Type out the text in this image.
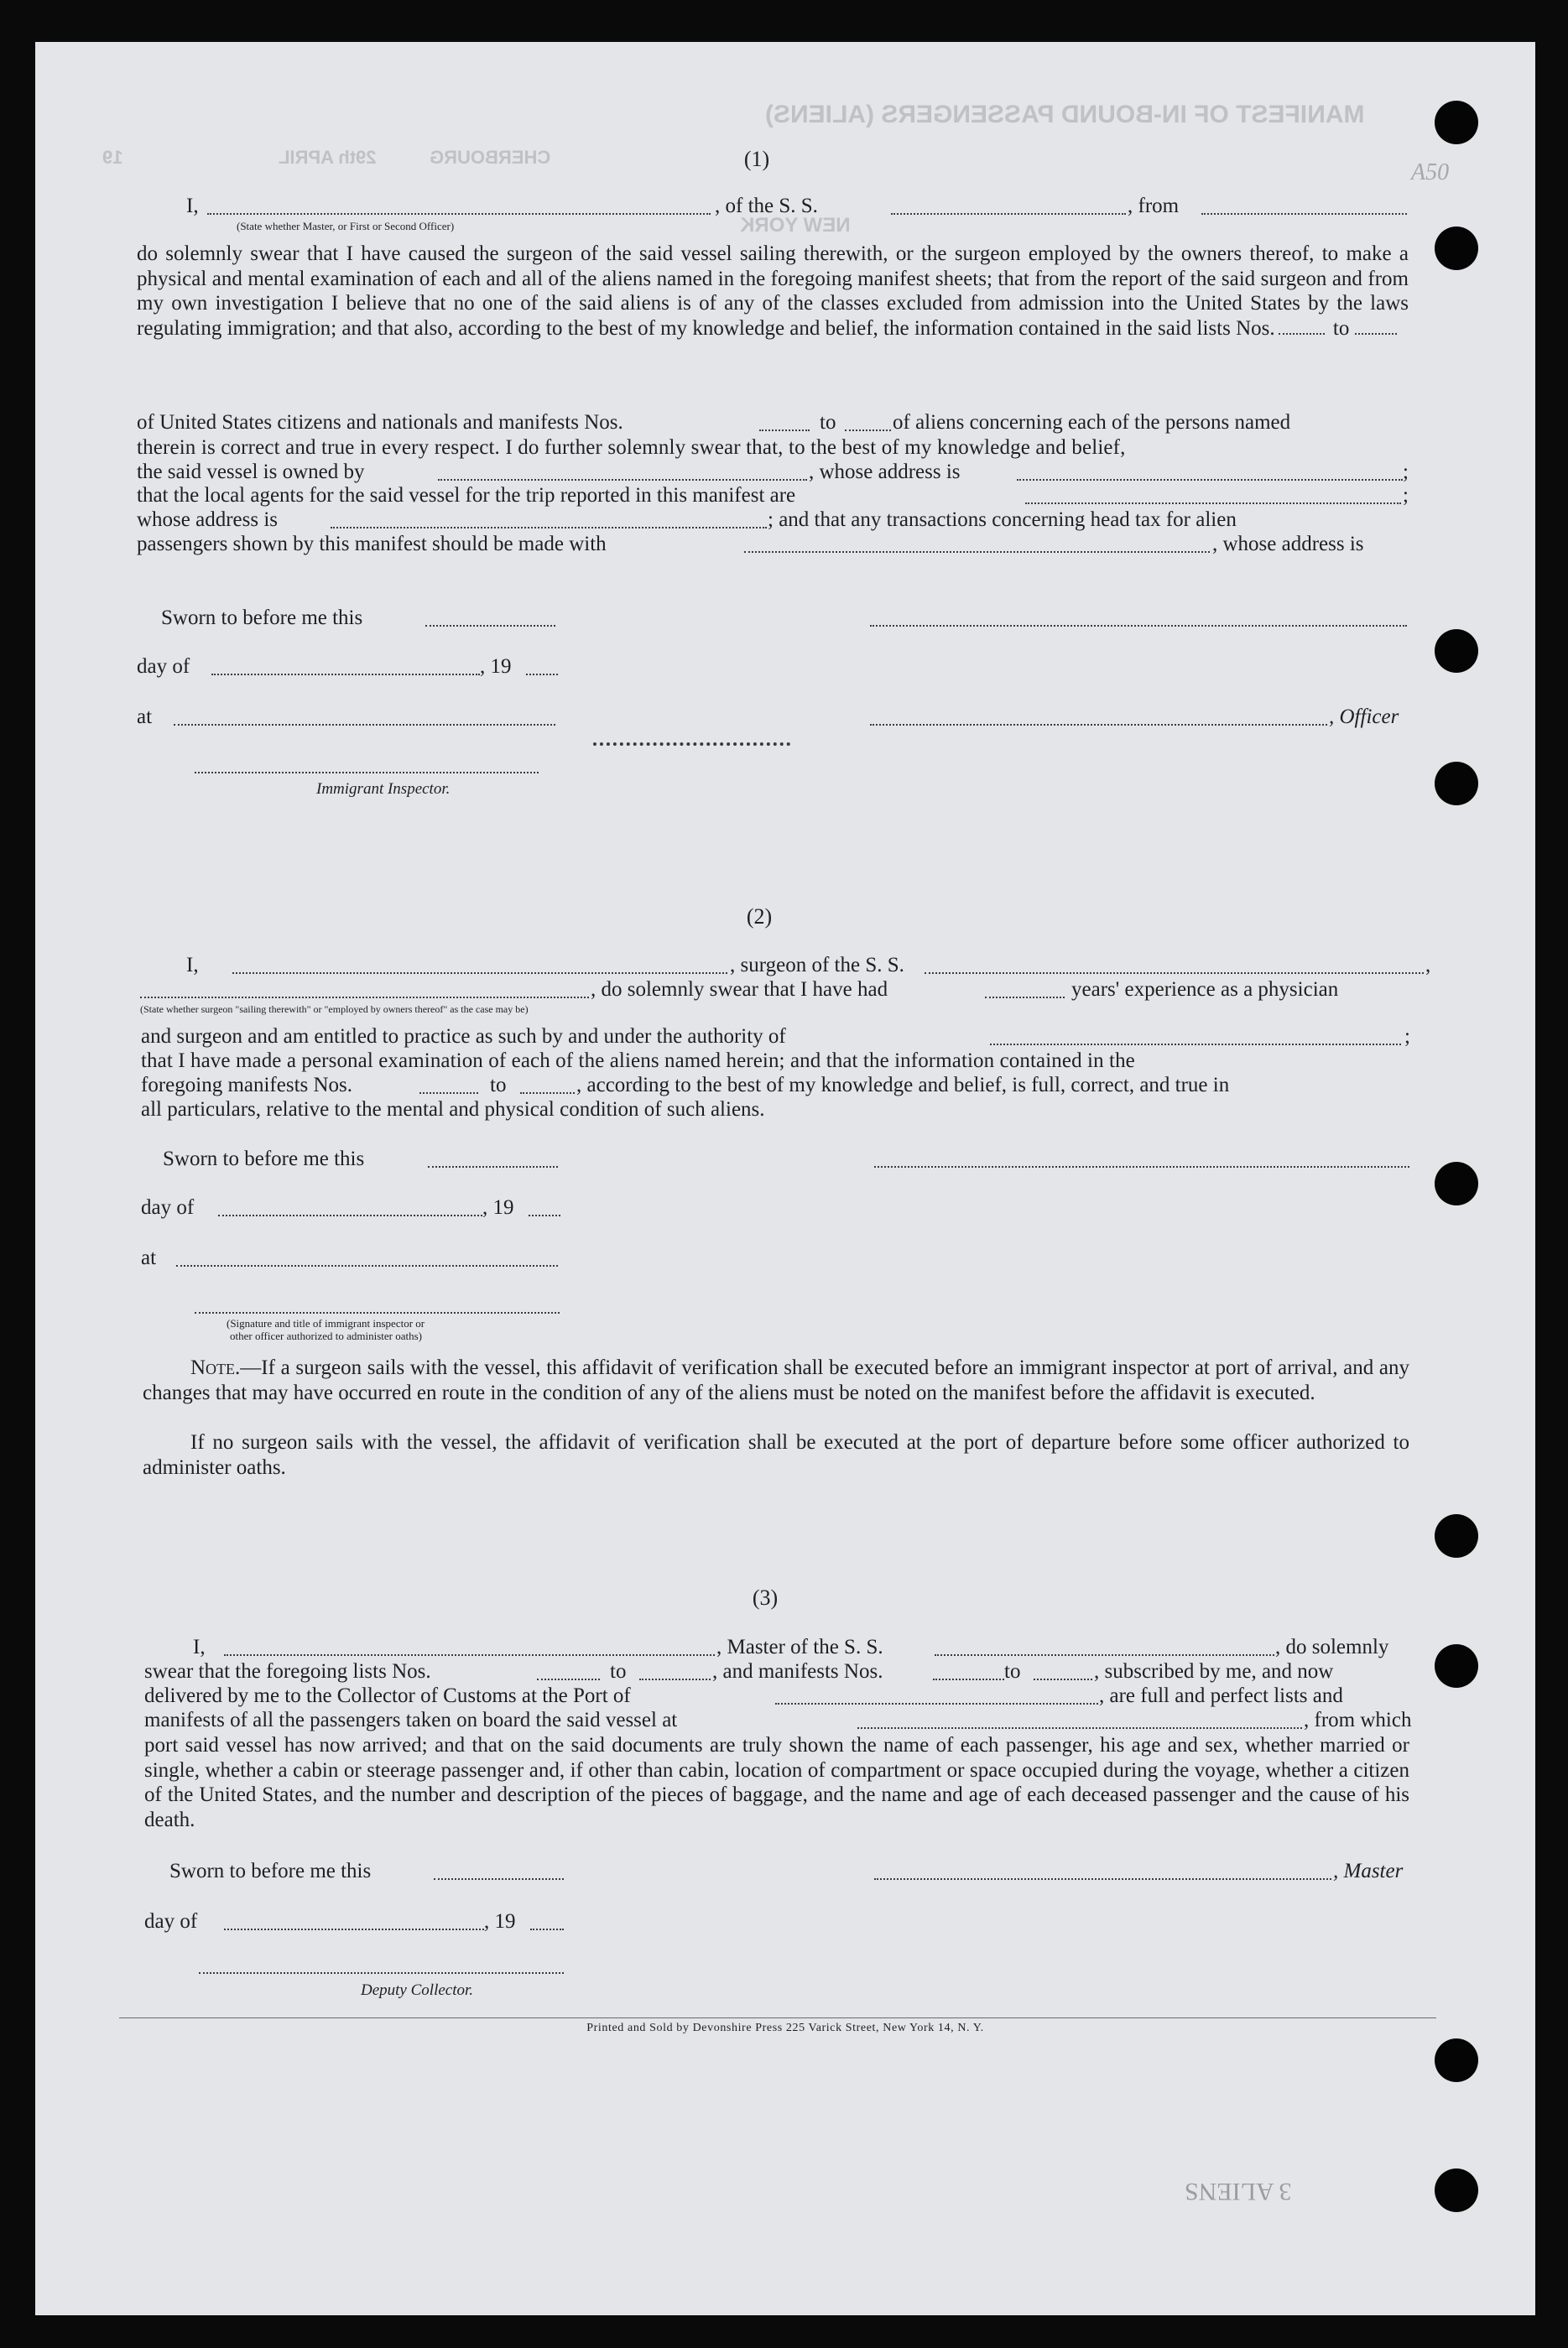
MANIFEST OF IN-BOUND PASSENGERS (ALIENS)
CHERBOURG
29th APRIL
19
NEW YORK
A50
3 ALIENS
(1)
I,	, of the S. S.	, from
(State whether Master, or First or Second Officer)
do solemnly swear that I have caused the surgeon of the said vessel sailing therewith, or the surgeon employed by the owners thereof, to make a physical and mental examination of each and all of the aliens named in the foregoing manifest sheets; that from the report of the said surgeon and from my own investigation I believe that no one of the said aliens is of any of the classes excluded from admission into the United States by the laws regulating immigration; and that also, according to the best of my knowledge and belief, the information contained in the said lists Nos.	to
of United States citizens and nationals and manifests Nos.	to	of aliens concerning each of the persons named
therein is correct and true in every respect. I do further solemnly swear that, to the best of my knowledge and belief,
the said vessel is owned by	, whose address is	;
that the local agents for the said vessel for the trip reported in this manifest are	;
whose address is	; and that any transactions concerning head tax for alien
passengers shown by this manifest should be made with	, whose address is
Sworn to before me this
day of	, 19
at	, Officer
Immigrant Inspector.
(2)
I,	, surgeon of the S. S.	,
, do solemnly swear that I have had	years' experience as a physician
(State whether surgeon "sailing therewith" or "employed by owners thereof" as the case may be)
and surgeon and am entitled to practice as such by and under the authority of	;
that I have made a personal examination of each of the aliens named herein; and that the information contained in the
foregoing manifests Nos.	to	, according to the best of my knowledge and belief, is full, correct, and true in
all particulars, relative to the mental and physical condition of such aliens.
Sworn to before me this
day of	, 19
at
(Signature and title of immigrant inspector or
other officer authorized to administer oaths)
Note.—If a surgeon sails with the vessel, this affidavit of verification shall be executed before an immigrant inspector at port of arrival, and any changes that may have occurred en route in the condition of any of the aliens must be noted on the manifest before the affidavit is executed.
If no surgeon sails with the vessel, the affidavit of verification shall be executed at the port of departure before some officer authorized to administer oaths.
(3)
I,	, Master of the S. S.	, do solemnly
swear that the foregoing lists Nos.	to	, and manifests Nos.	to	, subscribed by me, and now
delivered by me to the Collector of Customs at the Port of	, are full and perfect lists and
manifests of all the passengers taken on board the said vessel at	, from which
port said vessel has now arrived; and that on the said documents are truly shown the name of each passenger, his age and sex, whether married or single, whether a cabin or steerage passenger and, if other than cabin, location of compartment or space occupied during the voyage, whether a citizen of the United States, and the number and description of the pieces of baggage, and the name and age of each deceased passenger and the cause of his death.
Sworn to before me this	, Master
day of	, 19
Deputy Collector.
Printed and Sold by Devonshire Press 225 Varick Street, New York 14, N. Y.
